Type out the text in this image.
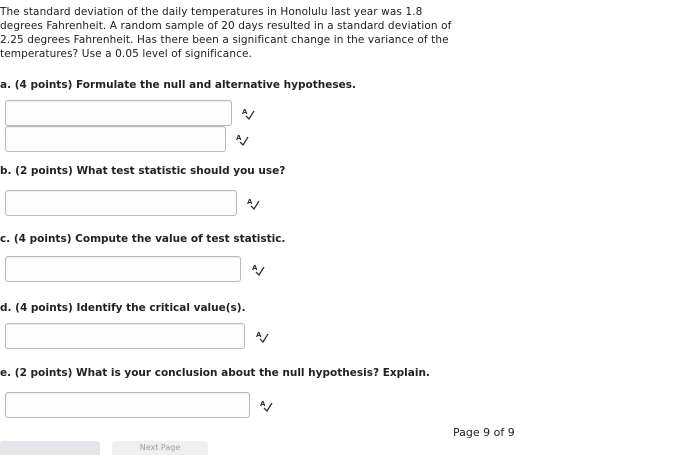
The standard deviation of the daily temperatures in Honolulu last year was 1.8
degrees Fahrenheit. A random sample of 20 days resulted in a standard deviation of
2.25 degrees Fahrenheit. Has there been a significant change in the variance of the
temperatures? Use a 0.05 level of significance.
a. (4 points) Formulate the null and alternative hypotheses.
A
A
b. (2 points) What test statistic should you use?
A
c. (4 points) Compute the value of test statistic.
A
d. (4 points) Identify the critical value(s).
A
e. (2 points) What is your conclusion about the null hypothesis? Explain.
A
Page 9 of 9
Next Page
